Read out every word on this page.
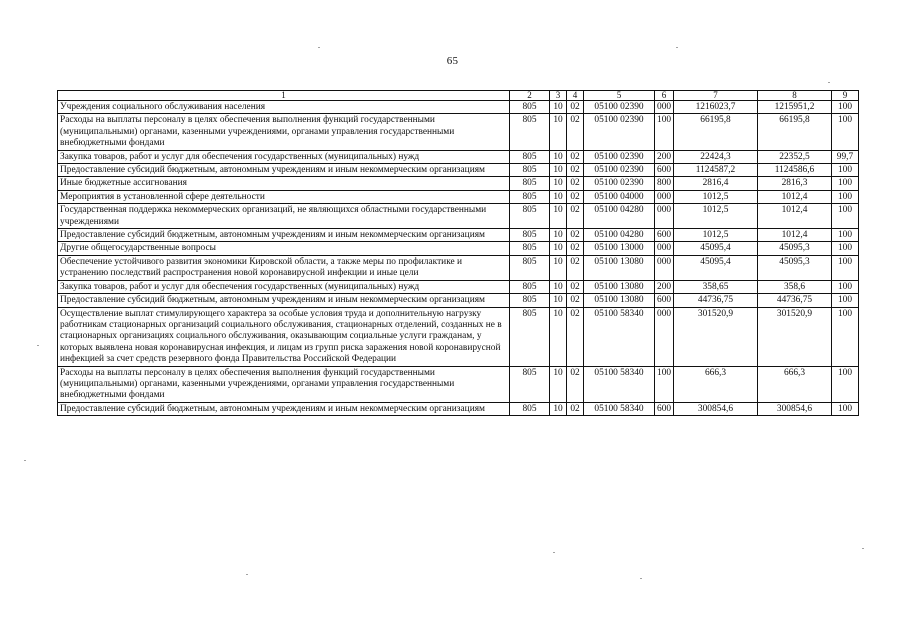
65
1	2	3	4	5	6	7	8	9
Учреждения социального обслуживания населения	805	10	02	05100 02390	000	1216023,7	1215951,2	100
Расходы на выплаты персоналу в целях обеспечения выполнения функций государственными (муниципальными) органами, казенными учреждениями, органами управления государственными внебюджетными фондами	805	10	02	05100 02390	100	66195,8	66195,8	100
Закупка товаров, работ и услуг для обеспечения государственных (муниципальных) нужд	805	10	02	05100 02390	200	22424,3	22352,5	99,7
Предоставление субсидий бюджетным, автономным учреждениям и иным некоммерческим организациям	805	10	02	05100 02390	600	1124587,2	1124586,6	100
Иные бюджетные ассигнования	805	10	02	05100 02390	800	2816,4	2816,3	100
Мероприятия в установленной сфере деятельности	805	10	02	05100 04000	000	1012,5	1012,4	100
Государственная поддержка некоммерческих организаций, не являющихся областными государственными учреждениями	805	10	02	05100 04280	000	1012,5	1012,4	100
Предоставление субсидий бюджетным, автономным учреждениям и иным некоммерческим организациям	805	10	02	05100 04280	600	1012,5	1012,4	100
Другие общегосударственные вопросы	805	10	02	05100 13000	000	45095,4	45095,3	100
Обеспечение устойчивого развития экономики Кировской области, а также меры по профилактике и устранению последствий распространения новой коронавирусной инфекции и иные цели	805	10	02	05100 13080	000	45095,4	45095,3	100
Закупка товаров, работ и услуг для обеспечения государственных (муниципальных) нужд	805	10	02	05100 13080	200	358,65	358,6	100
Предоставление субсидий бюджетным, автономным учреждениям и иным некоммерческим организациям	805	10	02	05100 13080	600	44736,75	44736,75	100
Осуществление выплат стимулирующего характера за особые условия труда и дополнительную нагрузку работникам стационарных организаций социального обслуживания, стационарных отделений, созданных не в стационарных организациях социального обслуживания, оказывающим социальные услуги гражданам, у которых выявлена новая коронавирусная инфекция, и лицам из групп риска заражения новой коронавирусной инфекцией за счет средств резервного фонда Правительства Российской Федерации	805	10	02	05100 58340	000	301520,9	301520,9	100
Расходы на выплаты персоналу в целях обеспечения выполнения функций государственными (муниципальными) органами, казенными учреждениями, органами управления государственными внебюджетными фондами	805	10	02	05100 58340	100	666,3	666,3	100
Предоставление субсидий бюджетным, автономным учреждениям и иным некоммерческим организациям	805	10	02	05100 58340	600	300854,6	300854,6	100
